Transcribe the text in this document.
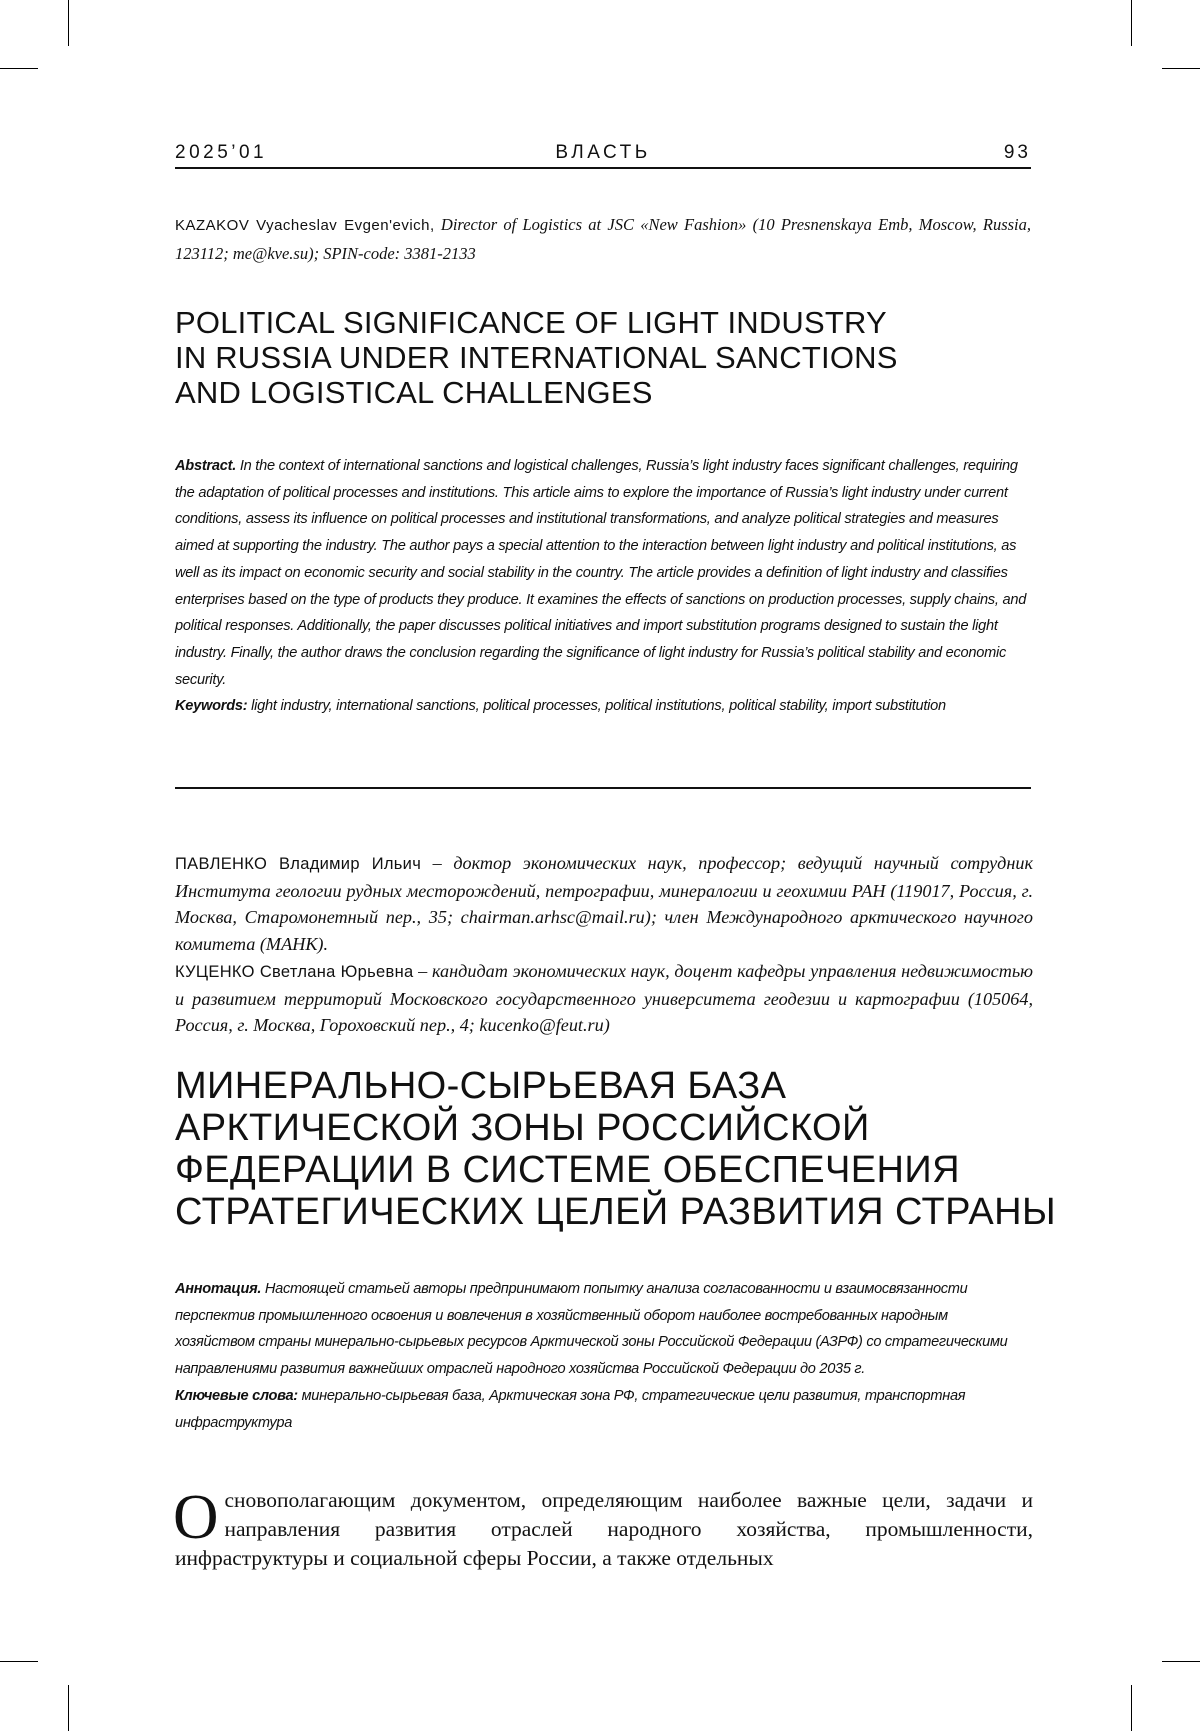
2025’01	ВЛАСТЬ	93
KAZAKOV Vyacheslav Evgen'evich, Director of Logistics at JSC «New Fashion» (10 Presnenskaya Emb, Moscow, Russia, 123112; me@kve.su); SPIN-code: 3381-2133
POLITICAL SIGNIFICANCE OF LIGHT INDUSTRY
IN RUSSIA UNDER INTERNATIONAL SANCTIONS
AND LOGISTICAL CHALLENGES

Abstract. In the context of international sanctions and logistical challenges, Russia’s light industry faces significant challenges, requiring the adaptation of political processes and institutions. This article aims to explore the importance of Russia’s light industry under current conditions, assess its influence on political processes and institutional transformations, and analyze political strategies and measures aimed at supporting the industry. The author pays a special attention to the interaction between light industry and political institutions, as well as its impact on economic security and social stability in the country. The article provides a definition of light industry and classifies enterprises based on the type of products they produce. It examines the effects of sanctions on production processes, supply chains, and political responses. Additionally, the paper discusses political initiatives and import substitution programs designed to sustain the light industry. Finally, the author draws the conclusion regarding the significance of light industry for Russia’s political stability and economic security.

Keywords: light industry, international sanctions, political processes, political institutions, political stability, import substitution

ПАВЛЕНКО Владимир Ильич – доктор экономических наук, профессор; ведущий научный сотрудник Института геологии рудных месторождений, петрографии, минералогии и геохимии РАН (119017, Россия, г. Москва, Старомонетный пер., 35; chairman.arhsc@mail.ru); член Международного арктического научного комитета (МАНК).

КУЦЕНКО Светлана Юрьевна – кандидат экономических наук, доцент кафедры управления недвижимостью и развитием территорий Московского государственного университета геодезии и картографии (105064, Россия, г. Москва, Гороховский пер., 4; kucenko@feut.ru)

МИНЕРАЛЬНО-СЫРЬЕВАЯ БАЗА
АРКТИЧЕСКОЙ ЗОНЫ РОССИЙСКОЙ
ФЕДЕРАЦИИ В СИСТЕМЕ ОБЕСПЕЧЕНИЯ
СТРАТЕГИЧЕСКИХ ЦЕЛЕЙ РАЗВИТИЯ СТРАНЫ

Аннотация. Настоящей статьей авторы предпринимают попытку анализа согласованности и взаимосвязанности перспектив промышленного освоения и вовлечения в хозяйственный оборот наиболее востребованных народным хозяйством страны минерально-сырьевых ресурсов Арктической зоны Российской Федерации (АЗРФ) со стратегическими направлениями развития важнейших отраслей народного хозяйства Российской Федерации до 2035 г.

Ключевые слова: минерально-сырьевая база, Арктическая зона РФ, стратегические цели развития, транспортная инфраструктура

Основополагающим документом, определяющим наиболее важные цели, задачи и направления развития отраслей народного хозяйства, промышленности, инфраструктуры и социальной сферы России, а также отдельных
